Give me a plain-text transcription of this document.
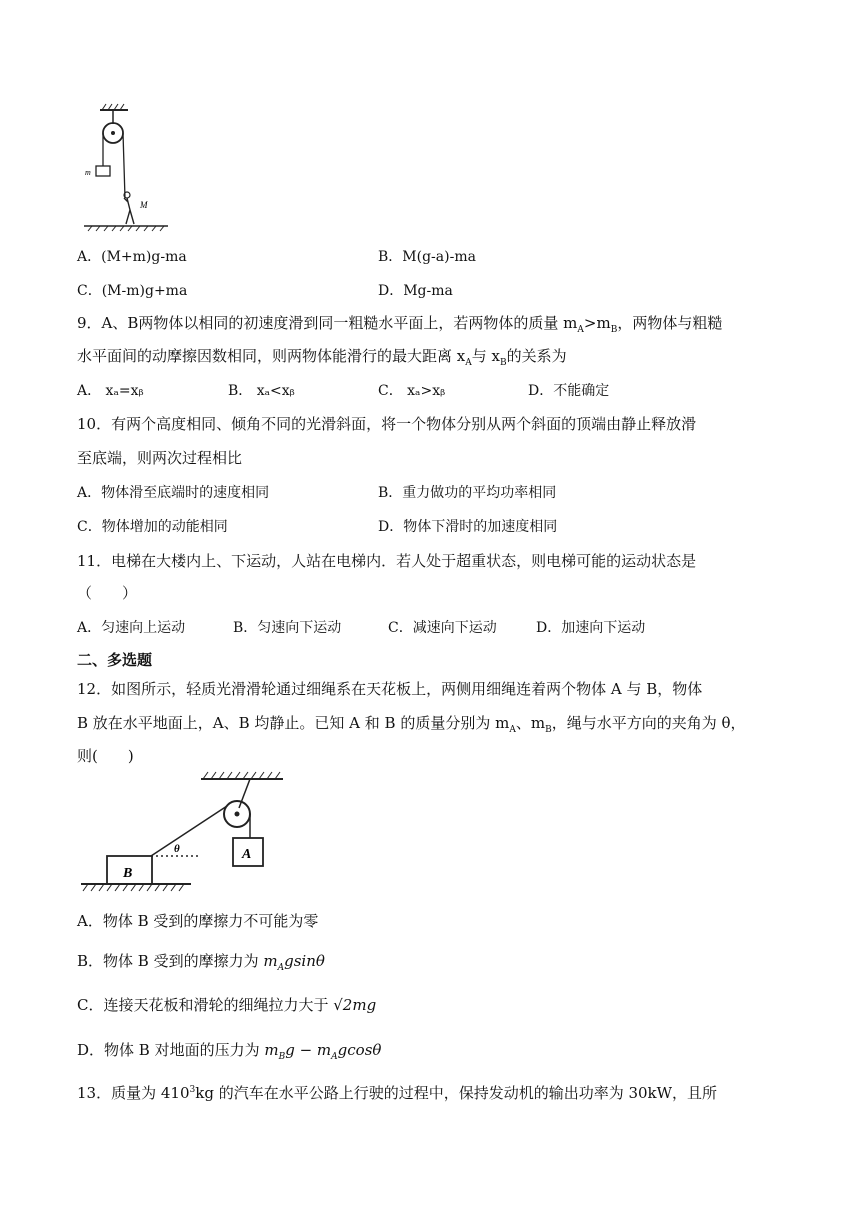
m
M
A．(M+m)g-ma	B．M(g-a)-ma
C．(M-m)g+ma	D．Mg-ma
9．A、B两物体以相同的初速度滑到同一粗糙水平面上，若两物体的质量 $m_A>m_B$，两物体与粗糙
水平面间的动摩擦因数相同，则两物体能滑行的最大距离 $x_A$与 $x_B$的关系为
A． xₐ=xᵦ	B． xₐ<xᵦ	C． xₐ>xᵦ	D．不能确定
10．有两个高度相同、倾角不同的光滑斜面，将一个物体分别从两个斜面的顶端由静止释放滑
至底端，则两次过程相比
A．物体滑至底端时的速度相同	B．重力做功的平均功率相同
C．物体增加的动能相同	D．物体下滑时的加速度相同
11．电梯在大楼内上、下运动，人站在电梯内．若人处于超重状态，则电梯可能的运动状态是
（　　）
A．匀速向上运动	B．匀速向下运动	C．减速向下运动	D．加速向下运动
二、多选题
12．如图所示，轻质光滑滑轮通过细绳系在天花板上，两侧用细绳连着两个物体 A 与 B，物体
B 放在水平地面上，A、B 均静止。已知 A 和 B 的质量分别为 $m_A$、$m_B$，绳与水平方向的夹角为 θ，
则(　　)
A
θ
B
A．物体 B 受到的摩擦力不可能为零
B．物体 B 受到的摩擦力为 $m_Agsin\theta$
C．连接天花板和滑轮的细绳拉力大于 √2mg
D．物体 B 对地面的压力为 $m_Bg - m_Agcos\theta$
13．质量为 $410^3kg$ 的汽车在水平公路上行驶的过程中，保持发动机的输出功率为 30kW，且所
